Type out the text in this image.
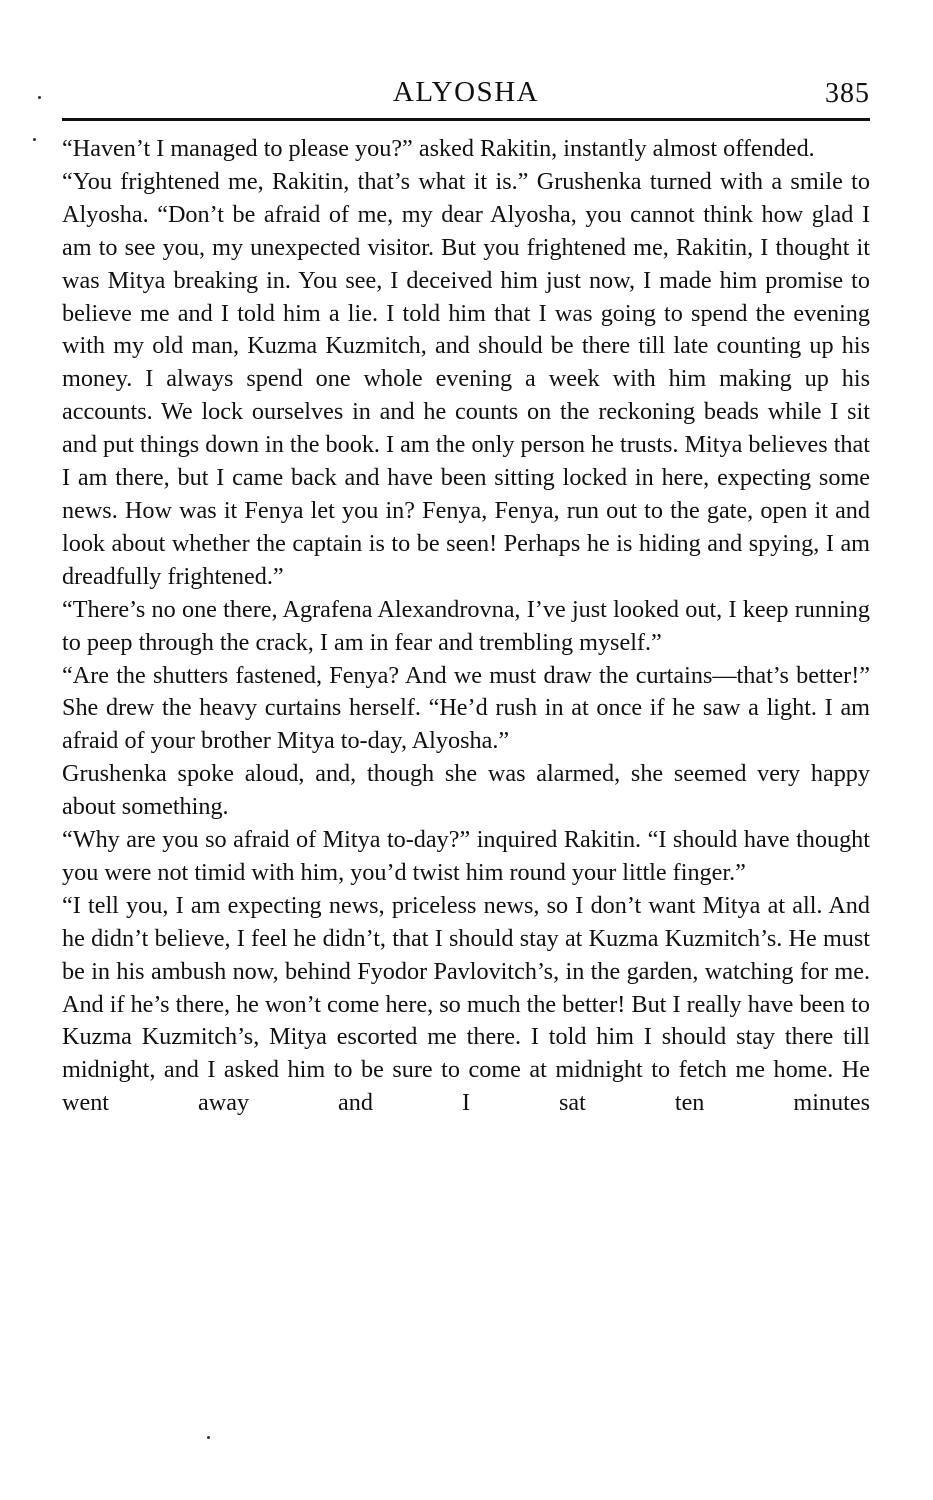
ALYOSHA	385

“Haven’t I managed to please you?” asked Rakitin, instantly almost offended.

“You frightened me, Rakitin, that’s what it is.” Grushenka turned with a smile to Alyosha. “Don’t be afraid of me, my dear Alyosha, you cannot think how glad I am to see you, my unexpected visitor. But you frightened me, Rakitin, I thought it was Mitya breaking in. You see, I deceived him just now, I made him promise to believe me and I told him a lie. I told him that I was going to spend the evening with my old man, Kuzma Kuzmitch, and should be there till late counting up his money. I always spend one whole evening a week with him making up his accounts. We lock ourselves in and he counts on the reckoning beads while I sit and put things down in the book. I am the only person he trusts. Mitya believes that I am there, but I came back and have been sitting locked in here, expecting some news. How was it Fenya let you in? Fenya, Fenya, run out to the gate, open it and look about whether the captain is to be seen! Perhaps he is hiding and spying, I am dreadfully frightened.”

“There’s no one there, Agrafena Alexandrovna, I’ve just looked out, I keep running to peep through the crack, I am in fear and trembling myself.”

“Are the shutters fastened, Fenya? And we must draw the curtains—that’s better!” She drew the heavy curtains herself. “He’d rush in at once if he saw a light. I am afraid of your brother Mitya to-day, Alyosha.”

Grushenka spoke aloud, and, though she was alarmed, she seemed very happy about something.

“Why are you so afraid of Mitya to-day?” inquired Rakitin. “I should have thought you were not timid with him, you’d twist him round your little finger.”

“I tell you, I am expecting news, priceless news, so I don’t want Mitya at all. And he didn’t believe, I feel he didn’t, that I should stay at Kuzma Kuzmitch’s. He must be in his ambush now, behind Fyodor Pavlovitch’s, in the garden, watching for me. And if he’s there, he won’t come here, so much the better! But I really have been to Kuzma Kuzmitch’s, Mitya escorted me there. I told him I should stay there till midnight, and I asked him to be sure to come at midnight to fetch me home. He went away and I sat ten minutes
